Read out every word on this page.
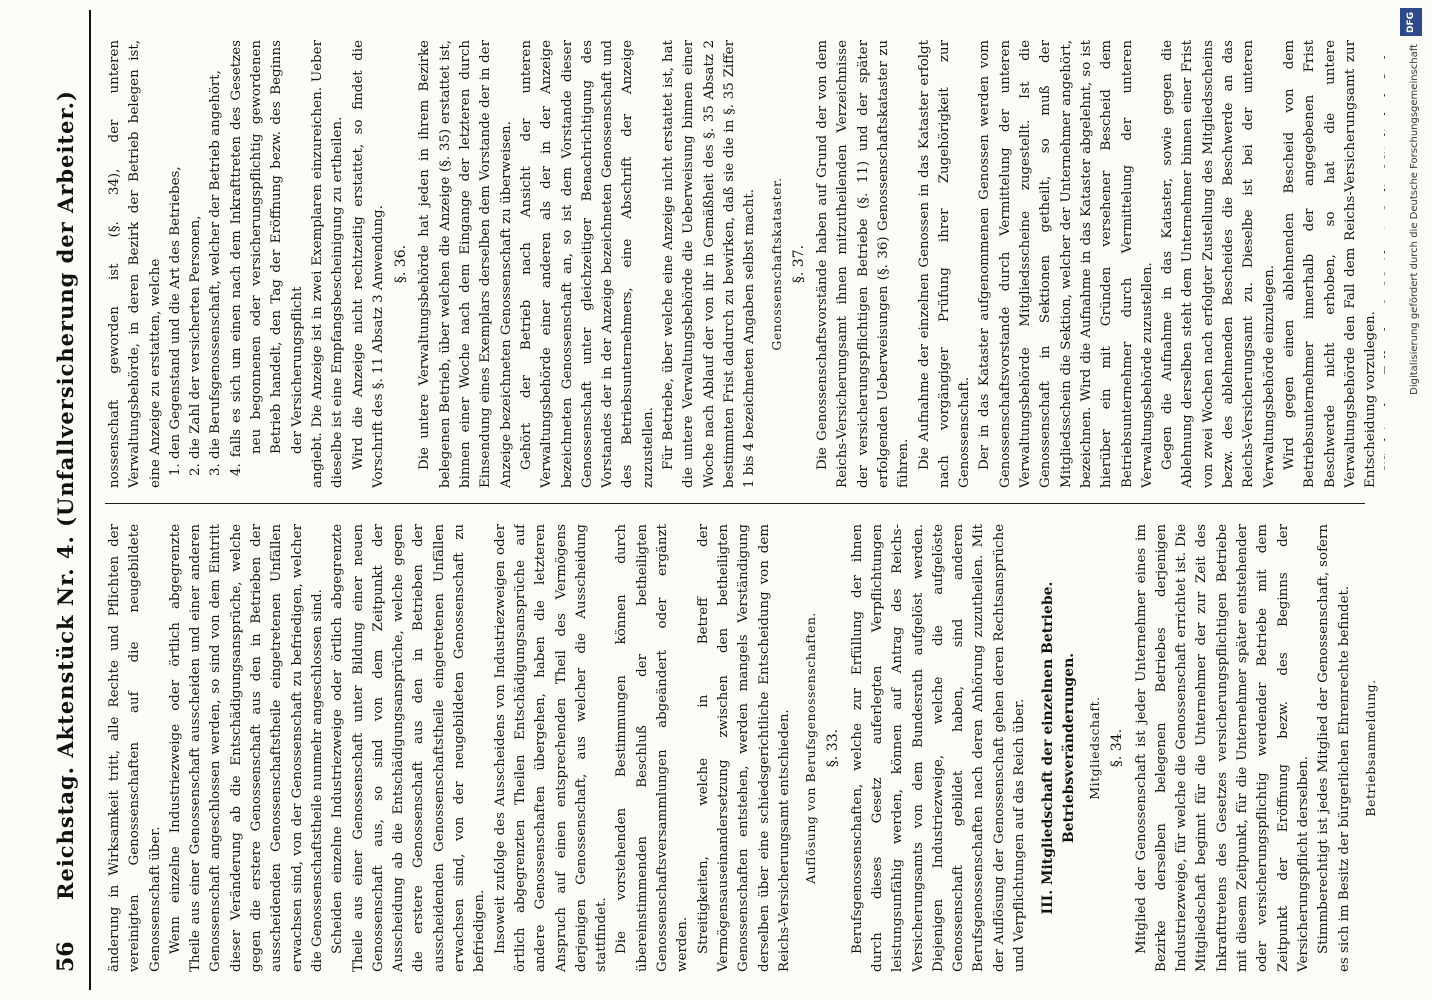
56
Reichstag. Aktenstück Nr. 4. (Unfallversicherung der Arbeiter.) änderung in Wirksamkeit tritt, alle Rechte und Pflichten der vereinigten Genossenschaften auf die neugebildete Genossenschaft über. Wenn einzelne Industriezweige oder örtlich abgegrenzte Theile aus einer Genossenschaft ausscheiden und einer anderen Genossenschaft angeschlossen werden, so sind von dem Eintritt dieser Veränderung ab die Entschädigungsansprüche, welche gegen die erstere Genossenschaft aus den in Betrieben der ausscheidenden Genossenschaftstheile eingetretenen Unfällen erwachsen sind, von der Genossenschaft zu befriedigen, welcher die Genossenschaftstheile nunmehr angeschlossen sind. Scheiden einzelne Industriezweige oder örtlich abgegrenzte Theile aus einer Genossenschaft unter Bildung einer neuen Genossenschaft aus, so sind von dem Zeitpunkt der Ausscheidung ab die Entschädigungsansprüche, welche gegen die erstere Genossenschaft aus den in Betrieben der ausscheidenden Genossenschaftstheile eingetretenen Unfällen erwachsen sind, von der neugebildeten Genossenschaft zu befriedigen. Insoweit zufolge des Ausscheidens von Industriezweigen oder örtlich abgegrenzten Theilen Entschädigungsansprüche auf andere Genossenschaften übergehen, haben die letzteren Anspruch auf einen entsprechenden Theil des Vermögens derjenigen Genossenschaft, aus welcher die Ausscheidung stattfindet. Die vorstehenden Bestimmungen können durch übereinstimmenden Beschluß der betheiligten Genossenschaftsversammlungen abgeändert oder ergänzt werden. Streitigkeiten, welche in Betreff der Vermögensauseinandersetzung zwischen den betheiligten Genossenschaften entstehen, werden mangels Verständigung derselben über eine schiedsgerichtliche Entscheidung von dem Reichs-Versicherungsamt entschieden. Auflösung von Berufsgenossenschaften. §. 33. Berufsgenossenschaften, welche zur Erfüllung der ihnen durch dieses Gesetz auferlegten Verpflichtungen leistungsunfähig werden, können auf Antrag des Reichs-Versicherungsamts von dem Bundesrath aufgelöst werden. Diejenigen Industriezweige, welche die aufgelöste Genossenschaft gebildet haben, sind anderen Berufsgenossenschaften nach deren Anhörung zuzutheilen. Mit der Auflösung der Genossenschaft gehen deren Rechtsansprüche und Verpflichtungen auf das Reich über. III. Mitgliedschaft der einzelnen Betriebe. Betriebsveränderungen. Mitgliedschaft. §. 34. Mitglied der Genossenschaft ist jeder Unternehmer eines im Bezirke derselben belegenen Betriebes derjenigen Industriezweige, für welche die Genossenschaft errichtet ist. Die Mitgliedschaft beginnt für die Unternehmer der zur Zeit des Inkrafttretens des Gesetzes versicherungspflichtigen Betriebe mit diesem Zeitpunkt, für die Unternehmer später entstehender oder versicherungspflichtig werdender Betriebe mit dem Zeitpunkt der Eröffnung bezw. des Beginns der Versicherungspflicht derselben. Stimmberechtigt ist jedes Mitglied der Genossenschaft, sofern es sich im Besitz der bürgerlichen Ehrenrechte befindet. Betriebsanmeldung.

nossenschaft geworden ist (§. 34), der unteren Verwaltungsbehörde, in deren Bezirk der Betrieb belegen ist, eine Anzeige zu erstatten, welche 1. den Gegenstand und die Art des Betriebes, 2. die Zahl der versicherten Personen, 3. die Berufsgenossenschaft, welcher der Betrieb angehört, 4. falls es sich um einen nach dem Inkrafttreten des Gesetzes neu begonnenen oder versicherungspflichtig gewordenen Betrieb handelt, den Tag der Eröffnung bezw. des Beginns der Versicherungspflicht angiebt. Die Anzeige ist in zwei Exemplaren einzureichen. Ueber dieselbe ist eine Empfangsbescheinigung zu ertheilen. Wird die Anzeige nicht rechtzeitig erstattet, so findet die Vorschrift des §. 11 Absatz 3 Anwendung. §. 36. Die untere Verwaltungsbehörde hat jeden in ihrem Bezirke belegenen Betrieb, über welchen die Anzeige (§. 35) erstattet ist, binnen einer Woche nach dem Eingange der letzteren durch Einsendung eines Exemplars derselben dem Vorstande der in der Anzeige bezeichneten Genossenschaft zu überweisen. Gehört der Betrieb nach Ansicht der unteren Verwaltungsbehörde einer anderen als der in der Anzeige bezeichneten Genossenschaft an, so ist dem Vorstande dieser Genossenschaft unter gleichzeitiger Benachrichtigung des Vorstandes der in der Anzeige bezeichneten Genossenschaft und des Betriebsunternehmers, eine Abschrift der Anzeige zuzustellen. Für Betriebe, über welche eine Anzeige nicht erstattet ist, hat die untere Verwaltungsbehörde die Ueberweisung binnen einer Woche nach Ablauf der von ihr in Gemäßheit des §. 35 Absatz 2 bestimmten Frist dadurch zu bewirken, daß sie die in §. 35 Ziffer 1 bis 4 bezeichneten Angaben selbst macht. Genossenschaftskataster. §. 37. Die Genossenschaftsvorstände haben auf Grund der von dem Reichs-Versicherungsamt ihnen mitzutheilenden Verzeichnisse der versicherungspflichtigen Betriebe (§. 11) und der später erfolgenden Ueberweisungen (§. 36) Genossenschaftskataster zu führen. Die Aufnahme der einzelnen Genossen in das Kataster erfolgt nach vorgängiger Prüfung ihrer Zugehörigkeit zur Genossenschaft. Der in das Kataster aufgenommenen Genossen werden vom Genossenschaftsvorstande durch Vermittelung der unteren Verwaltungsbehörde Mitgliedsscheine zugestellt. Ist die Genossenschaft in Sektionen getheilt, so muß der Mitgliedsschein die Sektion, welcher der Unternehmer angehört, bezeichnen. Wird die Aufnahme in das Kataster abgelehnt, so ist hierüber ein mit Gründen versehener Bescheid dem Betriebsunternehmer durch Vermittelung der unteren Verwaltungsbehörde zuzustellen. Gegen die Aufnahme in das Kataster, sowie gegen die Ablehnung derselben steht dem Unternehmer binnen einer Frist von zwei Wochen nach erfolgter Zustellung des Mitgliedsscheins bezw. des ablehnenden Bescheides die Beschwerde an das Reichs-Versicherungsamt zu. Dieselbe ist bei der unteren Verwaltungsbehörde einzulegen. Wird gegen einen ablehnenden Bescheid von dem Betriebsunternehmer innerhalb der angegebenen Frist Beschwerde nicht erhoben, so hat die untere Verwaltungsbehörde den Fall dem Reichs-Versicherungsamt zur Entscheidung vorzulegen.

DFG
Digitalisierung gefördert durch die Deutsche Forschungsgemeinschaft
